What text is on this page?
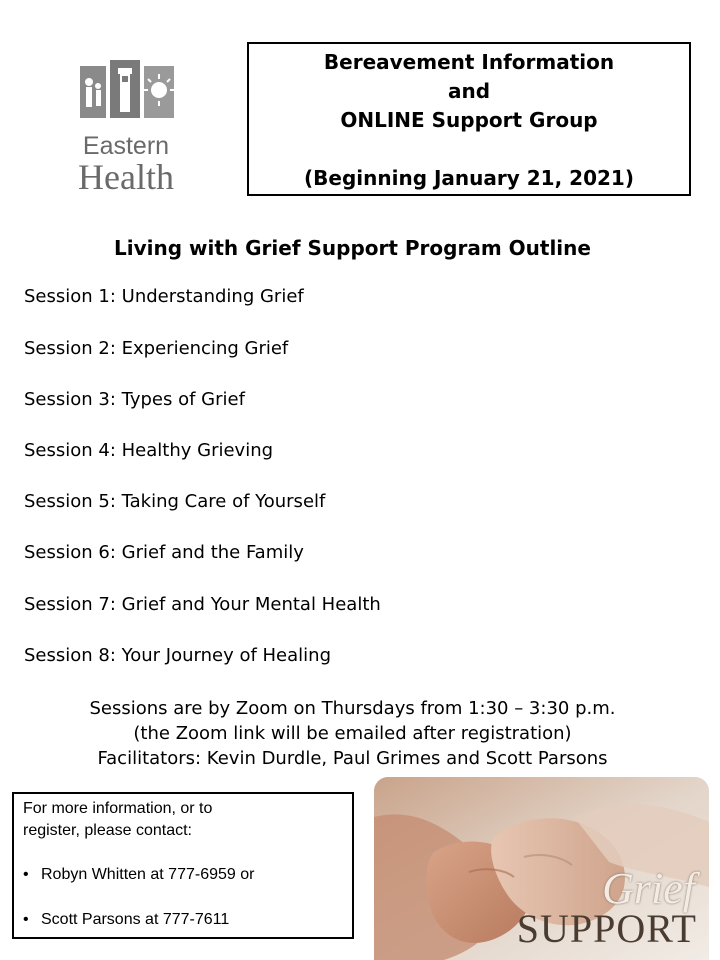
Eastern
Health
Bereavement Information
and
ONLINE Support Group
(Beginning January 21, 2021)
Living with Grief Support Program Outline
Session 1: Understanding Grief
Session 2: Experiencing Grief
Session 3: Types of Grief
Session 4: Healthy Grieving
Session 5: Taking Care of Yourself
Session 6: Grief and the Family
Session 7: Grief and Your Mental Health
Session 8: Your Journey of Healing
Sessions are by Zoom on Thursdays from 1:30 – 3:30 p.m.
(the Zoom link will be emailed after registration)
Facilitators: Kevin Durdle, Paul Grimes and Scott Parsons
For more information, or to
register, please contact:
• Robyn Whitten at 777-6959 or
• Scott Parsons at 777-7611
Grief
SUPPORT
